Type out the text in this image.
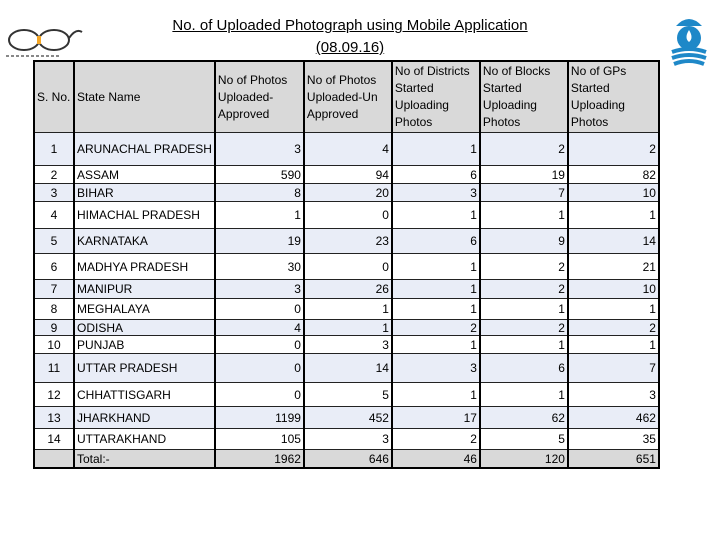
No. of Uploaded Photograph using Mobile Application
(08.09.16)
S. No.	State Name	No of Photos Uploaded-Approved	No of Photos Uploaded-Un Approved	No of Districts Started Uploading Photos	No of Blocks Started Uploading Photos	No of GPs Started Uploading Photos
1	ARUNACHAL PRADESH	3	4	1	2	2
2	ASSAM	590	94	6	19	82
3	BIHAR	8	20	3	7	10
4	HIMACHAL PRADESH	1	0	1	1	1
5	KARNATAKA	19	23	6	9	14
6	MADHYA PRADESH	30	0	1	2	21
7	MANIPUR	3	26	1	2	10
8	MEGHALAYA	0	1	1	1	1
9	ODISHA	4	1	2	2	2
10	PUNJAB	0	3	1	1	1
11	UTTAR PRADESH	0	14	3	6	7
12	CHHATTISGARH	0	5	1	1	3
13	JHARKHAND	1199	452	17	62	462
14	UTTARAKHAND	105	3	2	5	35
	Total:-	1962	646	46	120	651
